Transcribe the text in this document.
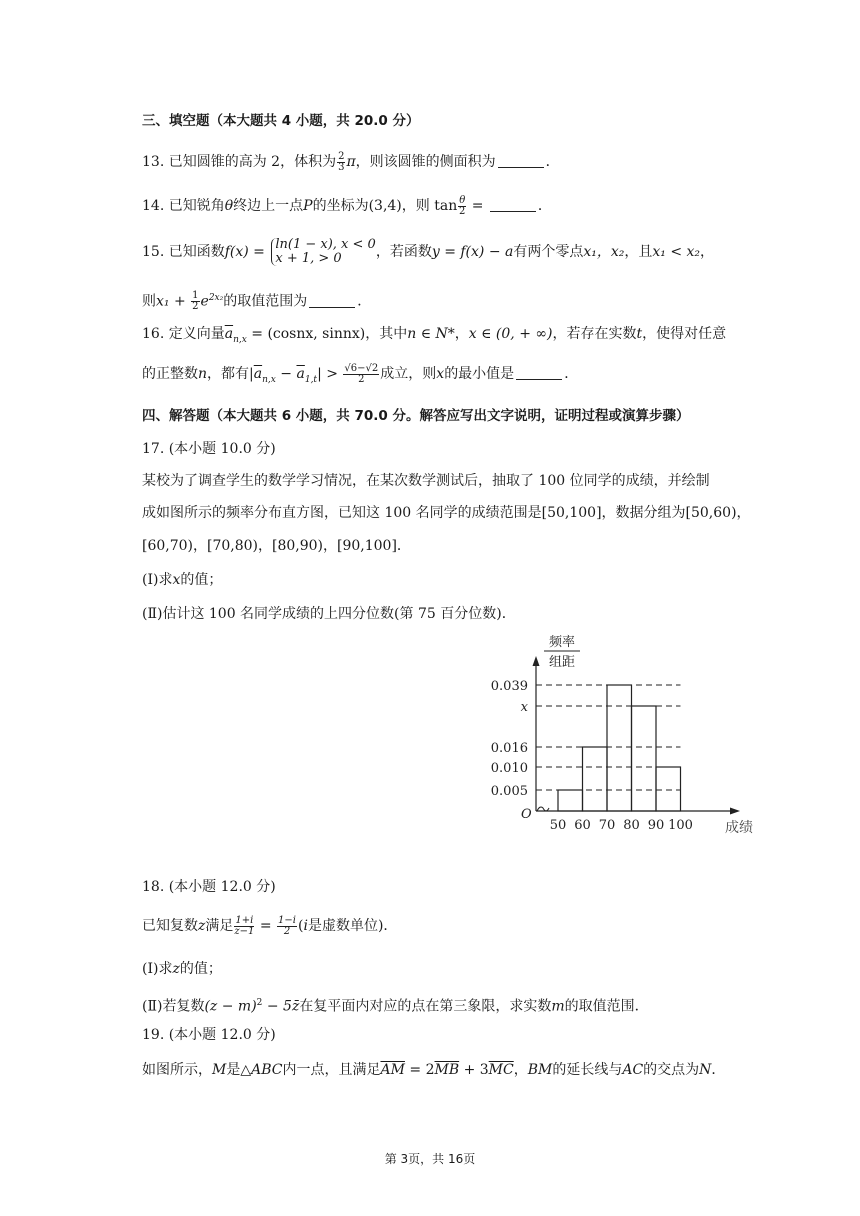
三、填空题（本大题共 4 小题，共 20.0 分）
13. 已知圆锥的高为 2，体积为 $\frac{2}{3}$ π，则该圆锥的侧面积为	．
14. 已知锐角θ终边上一点P的坐标为(3,4)，则 $\tan \frac{\theta}{2}$ =	．
15. 已知函数f(x) = ln(1 − x), x < 0
x + 1, > 0	，若函数y = f(x) − a有两个零点x₁，x₂，且x₁ < x₂，
则$x_1 + \frac{1}{2} e^{2x_2}$的取值范围为	．
16. 定义向量$\overline{a}_{n,x}$ = (cosnx, sinnx)，其中n ∈ N*，x ∈ (0, + ∞)，若存在实数t，使得对任意
的正整数n，都有$|\overline{a}_{n,x} - \overline{a}_{1,t}| > \frac{√6-√2}{2}$ 成立，则x的最小值是	．
四、解答题（本大题共 6 小题，共 70.0 分。解答应写出文字说明，证明过程或演算步骤）
17. (本小题 10.0 分)
某校为了调查学生的数学学习情况，在某次数学测试后，抽取了 100 位同学的成绩，并绘制
成如图所示的频率分布直方图，已知这 100 名同学的成绩范围是[50,100]，数据分组为[50,60)，
[60,70)，[70,80)，[80,90)，[90,100]．
(Ⅰ)求x的值；
(Ⅱ)估计这 100 名同学成绩的上四分位数(第 75 百分位数)．
频率
组距
O
成绩
0.039
x
0.016
0.010
0.005
50 60 70 80 90 100
18. (本小题 12.0 分)
已知复数z满足 $\frac{1+i}{z-1} = \frac{1-i}{2} (i$是虚数单位)．
(Ⅰ)求z的值；
(Ⅱ)若复数$(z - m)^2$ − 5z̄在复平面内对应的点在第三象限，求实数m的取值范围．
19. (本小题 12.0 分)
如图所示，M是△ABC内一点，且满足$\overline{AM} = 2\overline{MB} + 3\overline{MC}$，BM的延长线与AC的交点为N．
第 3页，共 16页
